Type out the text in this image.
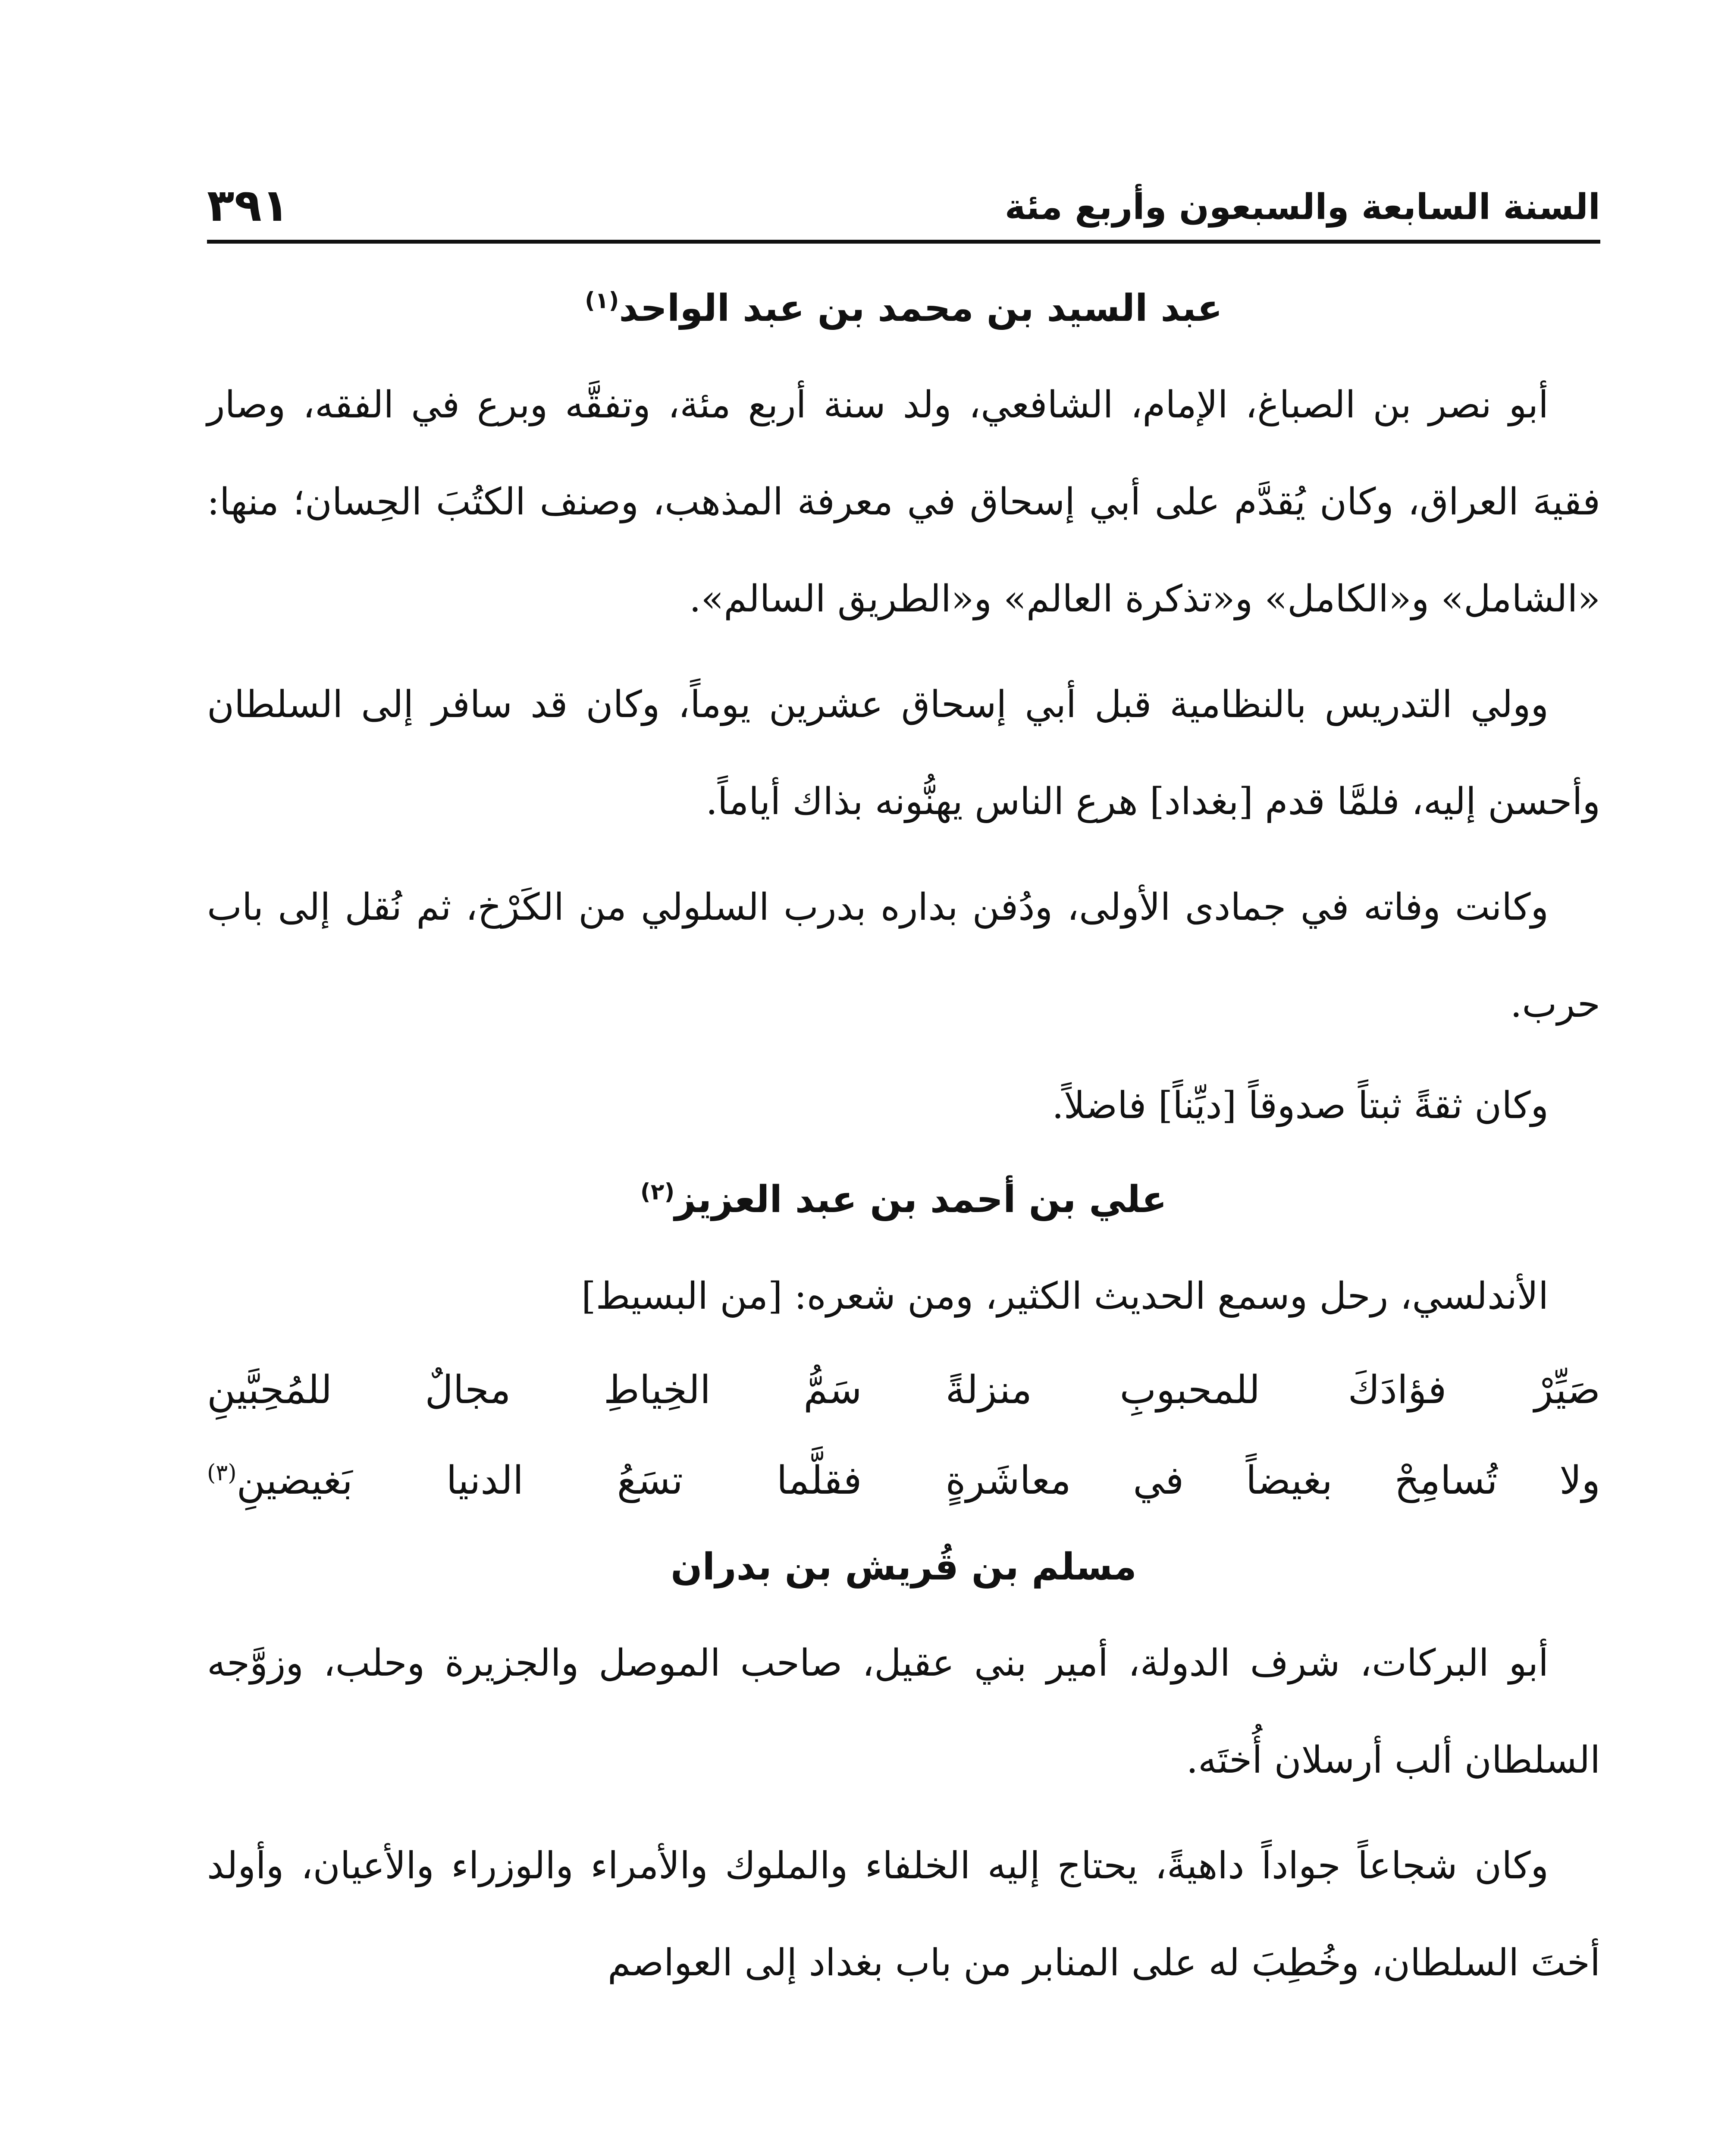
السنة السابعة والسبعون وأربع مئة
٣٩١
عبد السيد بن محمد بن عبد الواحد$^{(١)}$

أبو نصر بن الصباغ، الإمام، الشافعي، ولد سنة أربع مئة، وتفقَّه وبرع في الفقه، وصار فقيهَ العراق، وكان يُقدَّم على أبي إسحاق في معرفة المذهب، وصنف الكتُبَ الحِسان؛ منها: «الشامل» و«الكامل» و«تذكرة العالم» و«الطريق السالم».

وولي التدريس بالنظامية قبل أبي إسحاق عشرين يوماً، وكان قد سافر إلى السلطان وأحسن إليه، فلمَّا قدم [بغداد] هرع الناس يهنُّونه بذاك أياماً.

وكانت وفاته في جمادى الأولى، ودُفن بداره بدرب السلولي من الكَرْخ، ثم نُقل إلى باب حرب.

وكان ثقةً ثبتاً صدوقاً [ديِّناً] فاضلاً.

علي بن أحمد بن عبد العزيز$^{(٢)}$

الأندلسي، رحل وسمع الحديث الكثير، ومن شعره: [من البسيط]

صَيِّرْ فؤادَكَ للمحبوبِ منزلةً
سَمُّ الخِياطِ مجالٌ للمُحِبَّينِ
ولا تُسامِحْ بغيضاً في معاشَرةٍ
فقلَّما تسَعُ الدنيا بَغيضينِ$^{(٣)}$
مسلم بن قُريش بن بدران

أبو البركات، شرف الدولة، أمير بني عقيل، صاحب الموصل والجزيرة وحلب، وزوَّجه السلطان ألب أرسلان أُختَه.

وكان شجاعاً جواداً داهيةً، يحتاج إليه الخلفاء والملوك والأمراء والوزراء والأعيان، وأولد أختَ السلطان، وخُطِبَ له على المنابر من باب بغداد إلى العواصم
